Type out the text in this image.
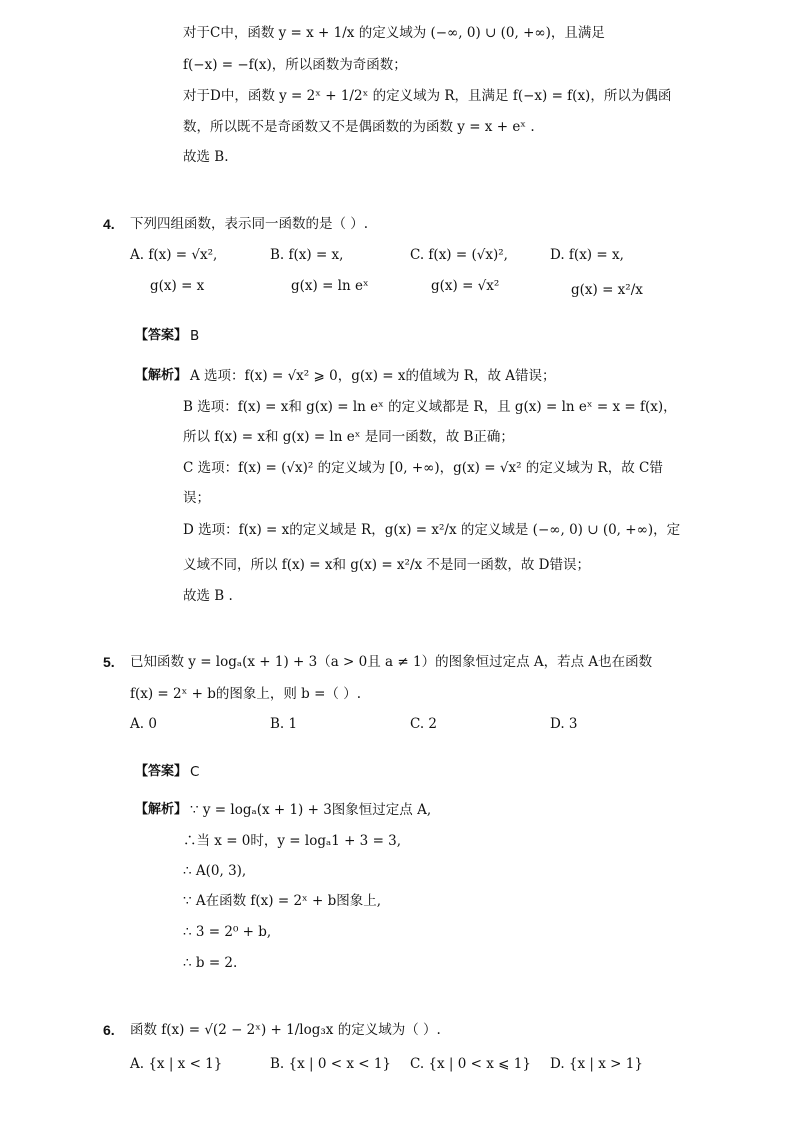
对于C中，函数 y = x + 1/x 的定义域为 (−∞, 0) ∪ (0, +∞)，且满足
f(−x) = −f(x)，所以函数为奇函数；
对于D中，函数 y = 2ˣ + 1/2ˣ 的定义域为 R，且满足 f(−x) = f(x)，所以为偶函
数，所以既不是奇函数又不是偶函数的为函数 y = x + eˣ .
故选 B.
4. 下列四组函数，表示同一函数的是（ ）.
A. f(x) = √x²,
g(x) = x
B. f(x) = x,
g(x) = ln eˣ
C. f(x) = (√x)²,
g(x) = √x²
D. f(x) = x,
g(x) = x²/x
【答案】 B
【解析】 A 选项：f(x) = √x² ⩾ 0，g(x) = x的值域为 R，故 A错误；
B 选项：f(x) = x和 g(x) = ln eˣ 的定义域都是 R，且 g(x) = ln eˣ = x = f(x)，
所以 f(x) = x和 g(x) = ln eˣ 是同一函数，故 B正确；
C 选项：f(x) = (√x)² 的定义域为 [0, +∞)，g(x) = √x² 的定义域为 R，故 C错
误；
D 选项：f(x) = x的定义域是 R，g(x) = x²/x 的定义域是 (−∞, 0) ∪ (0, +∞)，定
义域不同，所以 f(x) = x和 g(x) = x²/x 不是同一函数，故 D错误；
故选 B .
5. 已知函数 y = logₐ(x + 1) + 3（a > 0且 a ≠ 1）的图象恒过定点 A，若点 A也在函数
f(x) = 2ˣ + b的图象上，则 b =（ ）.
A. 0	B. 1	C. 2	D. 3
【答案】 C
【解析】 ∵ y = logₐ(x + 1) + 3图象恒过定点 A,
∴当 x = 0时，y = logₐ1 + 3 = 3,
∴ A(0, 3),
∵ A在函数 f(x) = 2ˣ + b图象上,
∴ 3 = 2⁰ + b,
∴ b = 2.
6. 函数 f(x) = √(2 − 2ˣ) + 1/log₃x 的定义域为（ ）.
A. {x | x < 1}	B. {x | 0 < x < 1} C. {x | 0 < x ⩽ 1} D. {x | x > 1}
